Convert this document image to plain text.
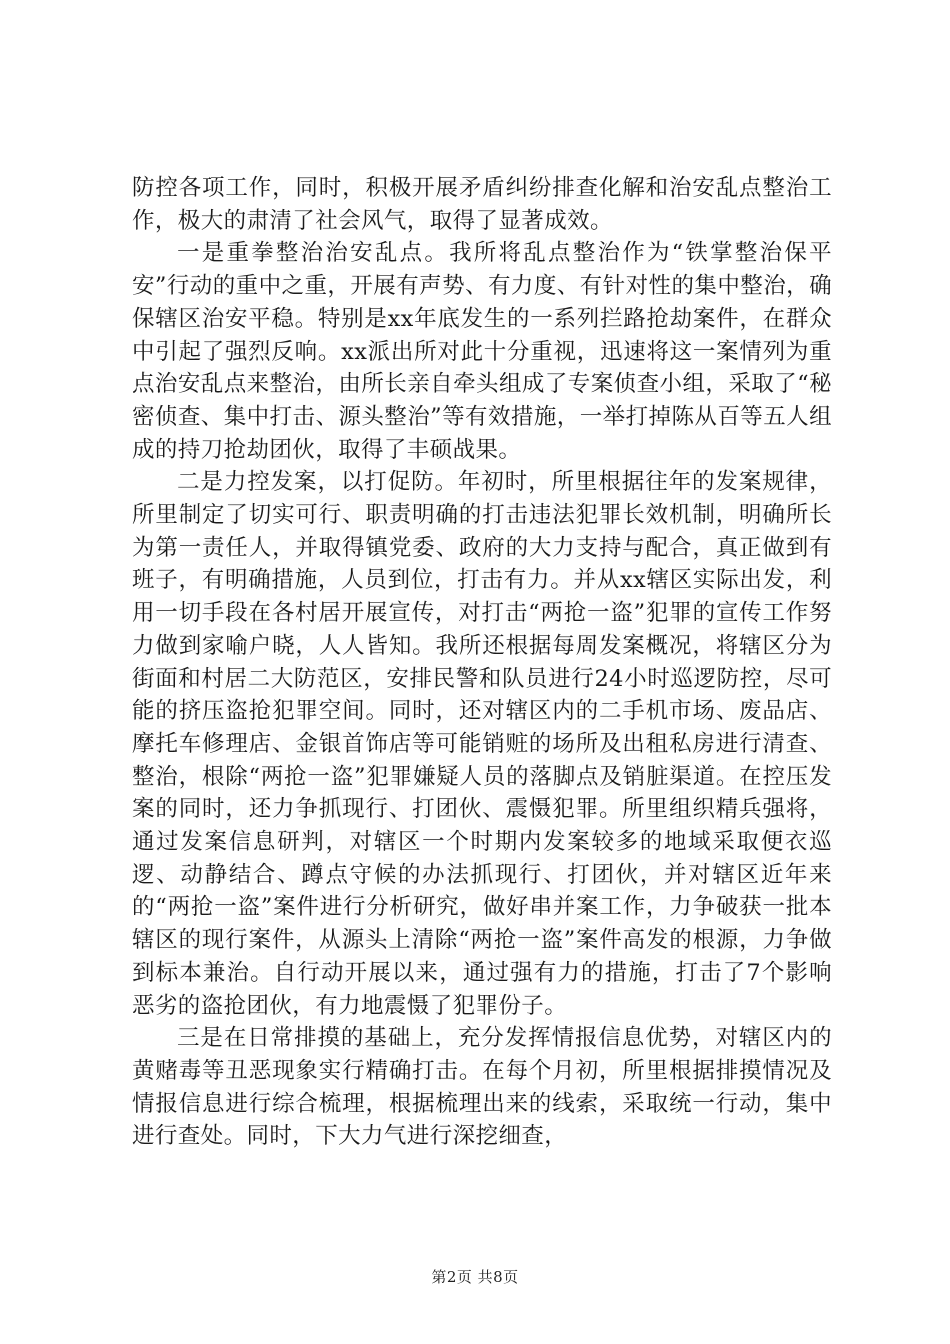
防控各项工作，同时，积极开展矛盾纠纷排查化解和治安乱点整治工作，极大的肃清了社会风气，取得了显著成效。

一是重拳整治治安乱点。我所将乱点整治作为“铁掌整治保平安”行动的重中之重，开展有声势、有力度、有针对性的集中整治，确保辖区治安平稳。特别是xx年底发生的一系列拦路抢劫案件，在群众中引起了强烈反响。xx派出所对此十分重视，迅速将这一案情列为重点治安乱点来整治，由所长亲自牵头组成了专案侦查小组，采取了“秘密侦查、集中打击、源头整治”等有效措施，一举打掉陈从百等五人组成的持刀抢劫团伙，取得了丰硕战果。

二是力控发案，以打促防。年初时，所里根据往年的发案规律，所里制定了切实可行、职责明确的打击违法犯罪长效机制，明确所长为第一责任人，并取得镇党委、政府的大力支持与配合，真正做到有班子，有明确措施，人员到位，打击有力。并从xx辖区实际出发，利用一切手段在各村居开展宣传，对打击“两抢一盗”犯罪的宣传工作努力做到家喻户晓，人人皆知。我所还根据每周发案概况，将辖区分为街面和村居二大防范区，安排民警和队员进行24小时巡逻防控，尽可能的挤压盗抢犯罪空间。同时，还对辖区内的二手机市场、废品店、摩托车修理店、金银首饰店等可能销赃的场所及出租私房进行清查、整治，根除“两抢一盗”犯罪嫌疑人员的落脚点及销脏渠道。在控压发案的同时，还力争抓现行、打团伙、震慑犯罪。所里组织精兵强将，通过发案信息研判，对辖区一个时期内发案较多的地域采取便衣巡逻、动静结合、蹲点守候的办法抓现行、打团伙，并对辖区近年来的“两抢一盗”案件进行分析研究，做好串并案工作，力争破获一批本辖区的现行案件，从源头上清除“两抢一盗”案件高发的根源，力争做到标本兼治。自行动开展以来，通过强有力的措施，打击了7个影响恶劣的盗抢团伙，有力地震慑了犯罪份子。

三是在日常排摸的基础上，充分发挥情报信息优势，对辖区内的黄赌毒等丑恶现象实行精确打击。在每个月初，所里根据排摸情况及情报信息进行综合梳理，根据梳理出来的线索，采取统一行动，集中进行查处。同时，下大力气进行深挖细查，

第2页 共8页
